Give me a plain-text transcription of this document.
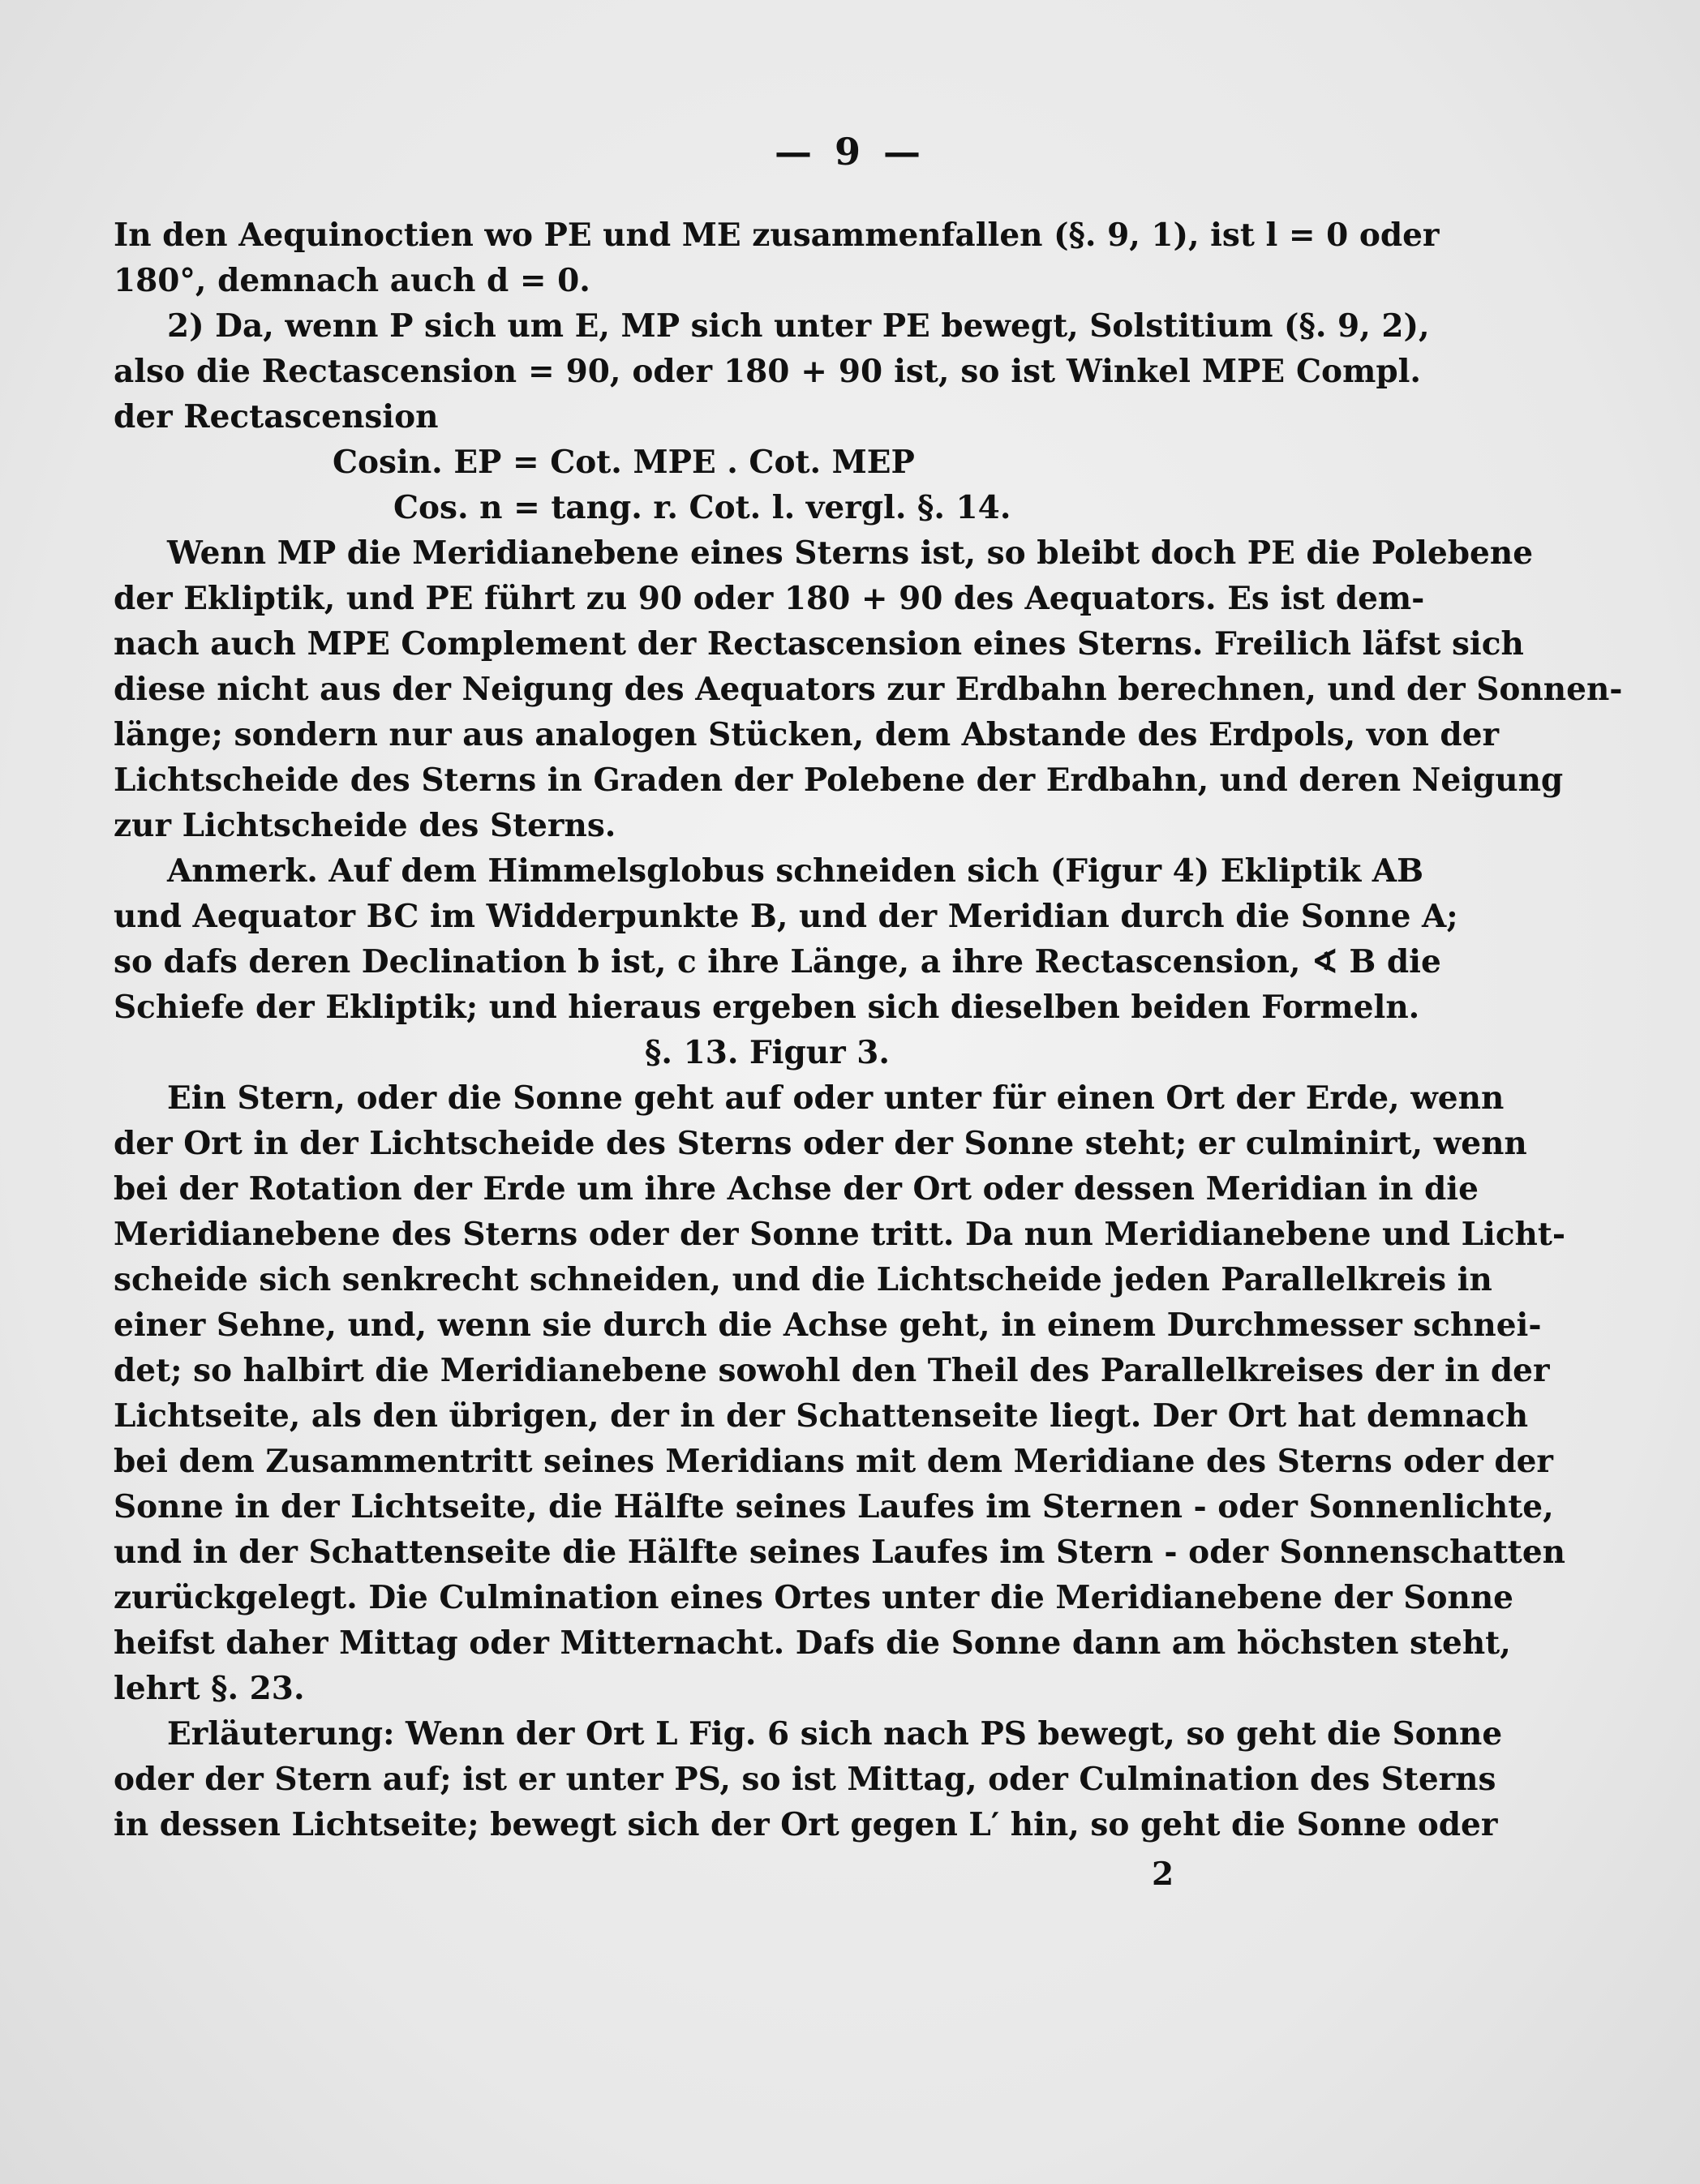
— 9 —
In den Aequinoctien wo PE und ME zusammenfallen (§. 9, 1), ist l = 0 oder
180°, demnach auch d = 0.
2) Da, wenn P sich um E, MP sich unter PE bewegt, Solstitium (§. 9, 2),
also die Rectascension = 90, oder 180 + 90 ist, so ist Winkel MPE Compl.
der Rectascension
Cosin. EP = Cot. MPE . Cot. MEP
Cos. n = tang. r. Cot. l. vergl. §. 14.
Wenn MP die Meridianebene eines Sterns ist, so bleibt doch PE die Polebene
der Ekliptik, und PE führt zu 90 oder 180 + 90 des Aequators. Es ist dem-
nach auch MPE Complement der Rectascension eines Sterns. Freilich läfst sich
diese nicht aus der Neigung des Aequators zur Erdbahn berechnen, und der Sonnen-
länge; sondern nur aus analogen Stücken, dem Abstande des Erdpols, von der
Lichtscheide des Sterns in Graden der Polebene der Erdbahn, und deren Neigung
zur Lichtscheide des Sterns.
Anmerk. Auf dem Himmelsglobus schneiden sich (Figur 4) Ekliptik AB
und Aequator BC im Widderpunkte B, und der Meridian durch die Sonne A;
so dafs deren Declination b ist, c ihre Länge, a ihre Rectascension, ∢ B die
Schiefe der Ekliptik; und hieraus ergeben sich dieselben beiden Formeln.
§. 13. Figur 3.
Ein Stern, oder die Sonne geht auf oder unter für einen Ort der Erde, wenn
der Ort in der Lichtscheide des Sterns oder der Sonne steht; er culminirt, wenn
bei der Rotation der Erde um ihre Achse der Ort oder dessen Meridian in die
Meridianebene des Sterns oder der Sonne tritt. Da nun Meridianebene und Licht-
scheide sich senkrecht schneiden, und die Lichtscheide jeden Parallelkreis in
einer Sehne, und, wenn sie durch die Achse geht, in einem Durchmesser schnei-
det; so halbirt die Meridianebene sowohl den Theil des Parallelkreises der in der
Lichtseite, als den übrigen, der in der Schattenseite liegt. Der Ort hat demnach
bei dem Zusammentritt seines Meridians mit dem Meridiane des Sterns oder der
Sonne in der Lichtseite, die Hälfte seines Laufes im Sternen - oder Sonnenlichte,
und in der Schattenseite die Hälfte seines Laufes im Stern - oder Sonnenschatten
zurückgelegt. Die Culmination eines Ortes unter die Meridianebene der Sonne
heifst daher Mittag oder Mitternacht. Dafs die Sonne dann am höchsten steht,
lehrt §. 23.
Erläuterung: Wenn der Ort L Fig. 6 sich nach PS bewegt, so geht die Sonne
oder der Stern auf; ist er unter PS, so ist Mittag, oder Culmination des Sterns
in dessen Lichtseite; bewegt sich der Ort gegen L′ hin, so geht die Sonne oder
2
